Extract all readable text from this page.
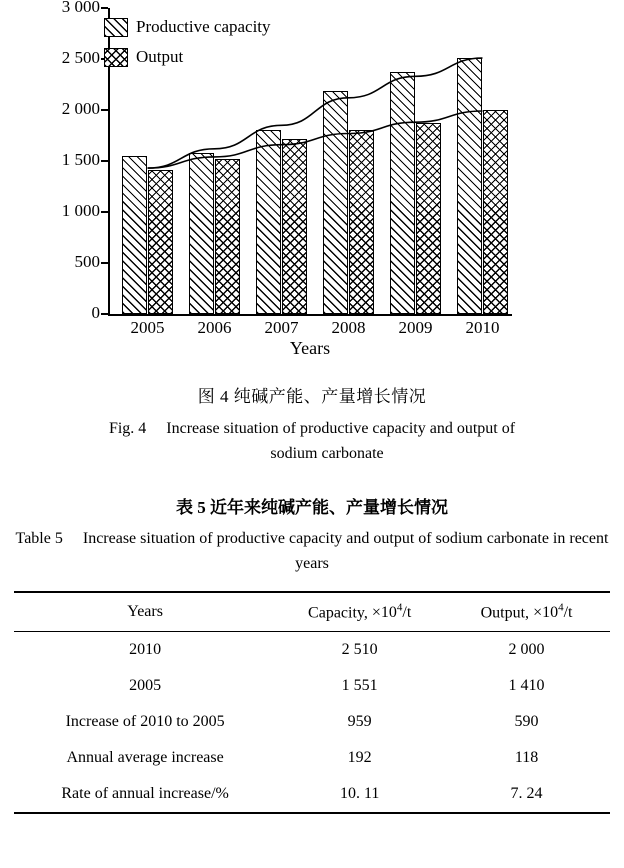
0
500
1 000
1 500
2 000
2 500
3 000
2005	2006	2007	2008	2009	2010
Productive capacity
Output
Years
图 4 纯碱产能、产量增长情况
Fig. 4 Increase situation of productive capacity and output of
sodium carbonate
表 5 近年来纯碱产能、产量增长情况
Table 5 Increase situation of productive capacity and output of sodium carbonate in recent years
Years	Capacity, $\times 10^4/t$	Output, $\times 10^4/t$
2010	2 510	2 000
2005	1 551	1 410
Increase of 2010 to 2005	959	590
Annual average increase	192	118
Rate of annual increase/%	10. 11	7. 24
